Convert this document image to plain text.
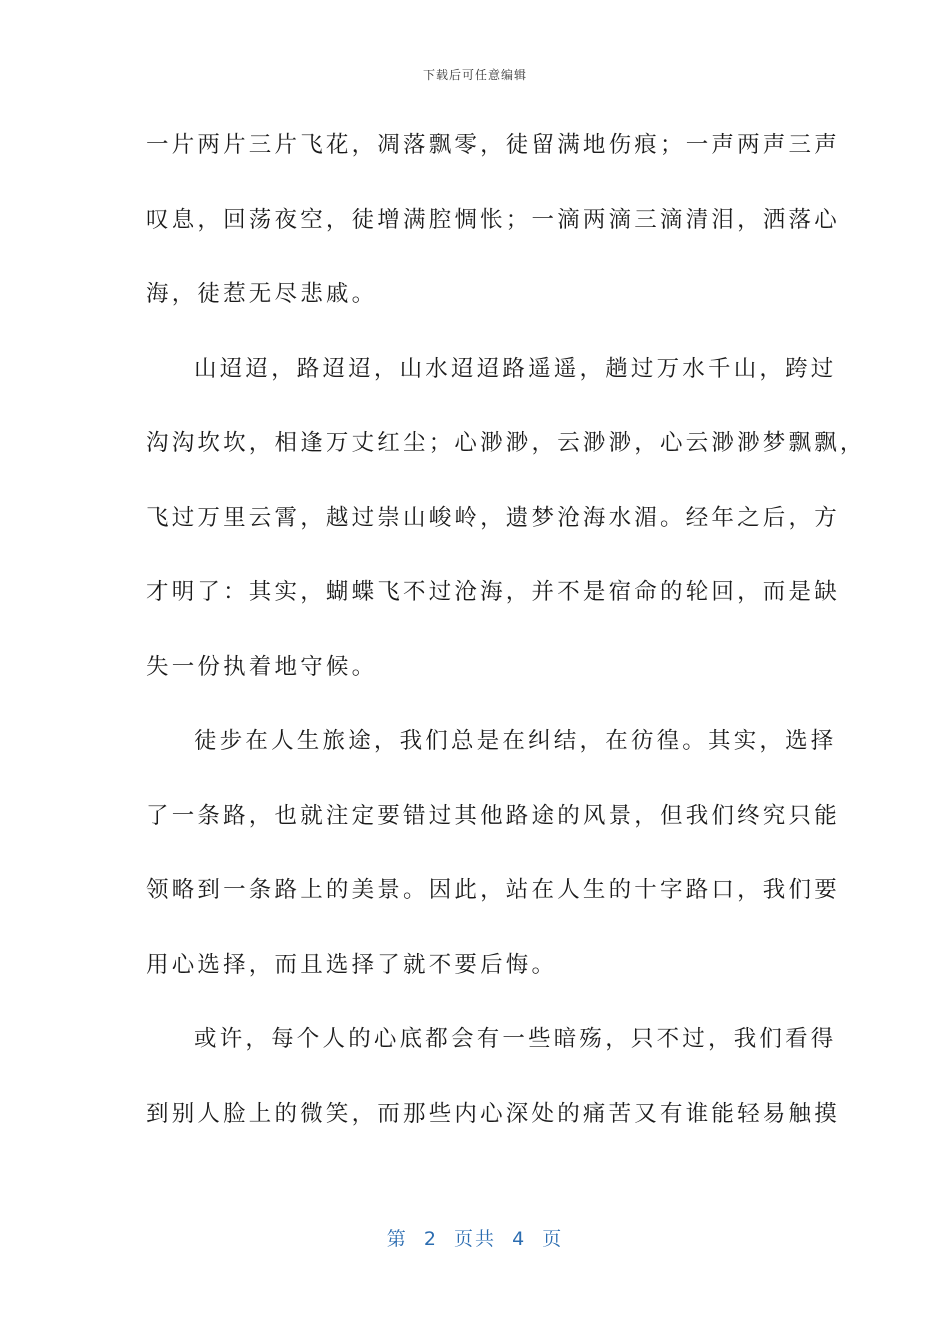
下载后可任意编辑
一片两片三片飞花，凋落飘零，徒留满地伤痕；一声两声三声
叹息，回荡夜空，徒增满腔惆怅；一滴两滴三滴清泪，洒落心
海，徒惹无尽悲戚。
山迢迢，路迢迢，山水迢迢路遥遥，趟过万水千山，跨过
沟沟坎坎，相逢万丈红尘；心渺渺，云渺渺，心云渺渺梦飘飘，
飞过万里云霄，越过崇山峻岭，遗梦沧海水湄。经年之后，方
才明了：其实，蝴蝶飞不过沧海，并不是宿命的轮回，而是缺
失一份执着地守候。
徒步在人生旅途，我们总是在纠结，在彷徨。其实，选择
了一条路，也就注定要错过其他路途的风景，但我们终究只能
领略到一条路上的美景。因此，站在人生的十字路口，我们要
用心选择，而且选择了就不要后悔。
或许，每个人的心底都会有一些暗殇，只不过，我们看得
到别人脸上的微笑，而那些内心深处的痛苦又有谁能轻易触摸
第  2  页共  4  页
